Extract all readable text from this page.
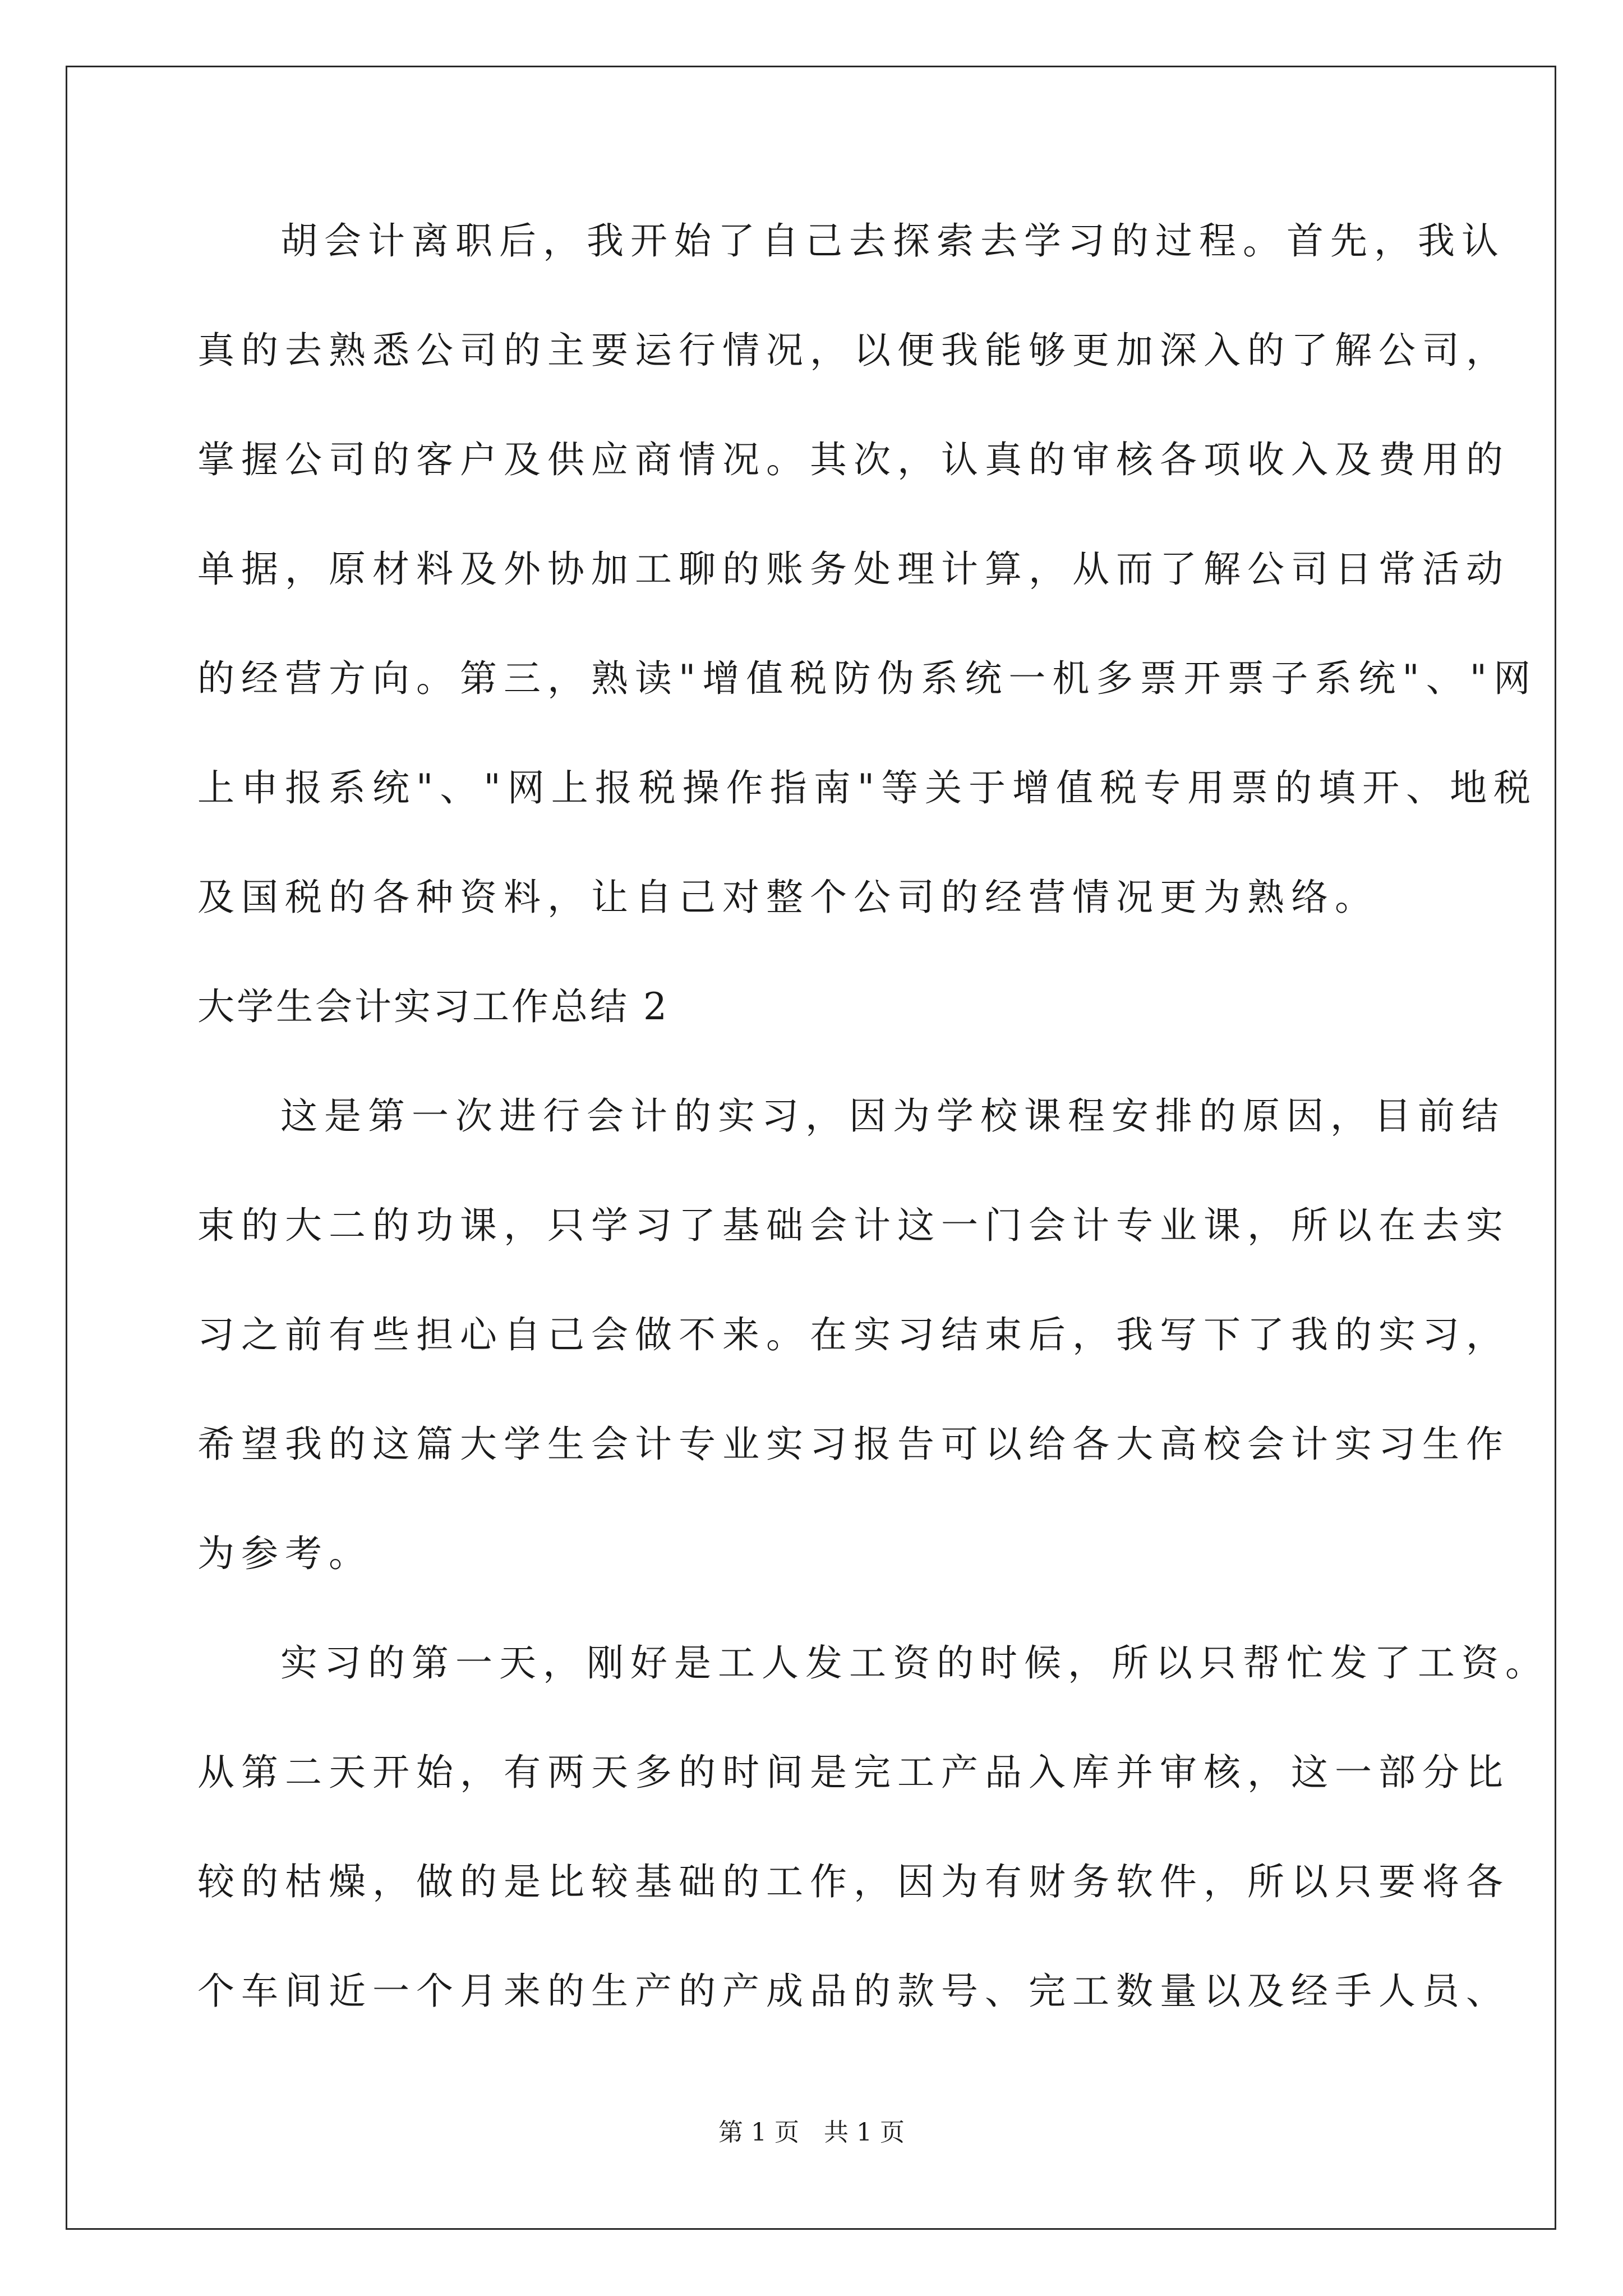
胡会计离职后，我开始了自己去探索去学习的过程。首先，我认
真的去熟悉公司的主要运行情况，以便我能够更加深入的了解公司，
掌握公司的客户及供应商情况。其次，认真的审核各项收入及费用的
单据，原材料及外协加工聊的账务处理计算，从而了解公司日常活动
的经营方向。第三，熟读"增值税防伪系统一机多票开票子系统"、"网
上申报系统"、"网上报税操作指南"等关于增值税专用票的填开、地税
及国税的各种资料，让自己对整个公司的经营情况更为熟络。
大学生会计实习工作总结 2
这是第一次进行会计的实习，因为学校课程安排的原因，目前结
束的大二的功课，只学习了基础会计这一门会计专业课，所以在去实
习之前有些担心自己会做不来。在实习结束后，我写下了我的实习，
希望我的这篇大学生会计专业实习报告可以给各大高校会计实习生作
为参考。
实习的第一天，刚好是工人发工资的时候，所以只帮忙发了工资。
从第二天开始，有两天多的时间是完工产品入库并审核，这一部分比
较的枯燥，做的是比较基础的工作，因为有财务软件，所以只要将各
个车间近一个月来的生产的产成品的款号、完工数量以及经手人员、
第 1 页 共 1 页
